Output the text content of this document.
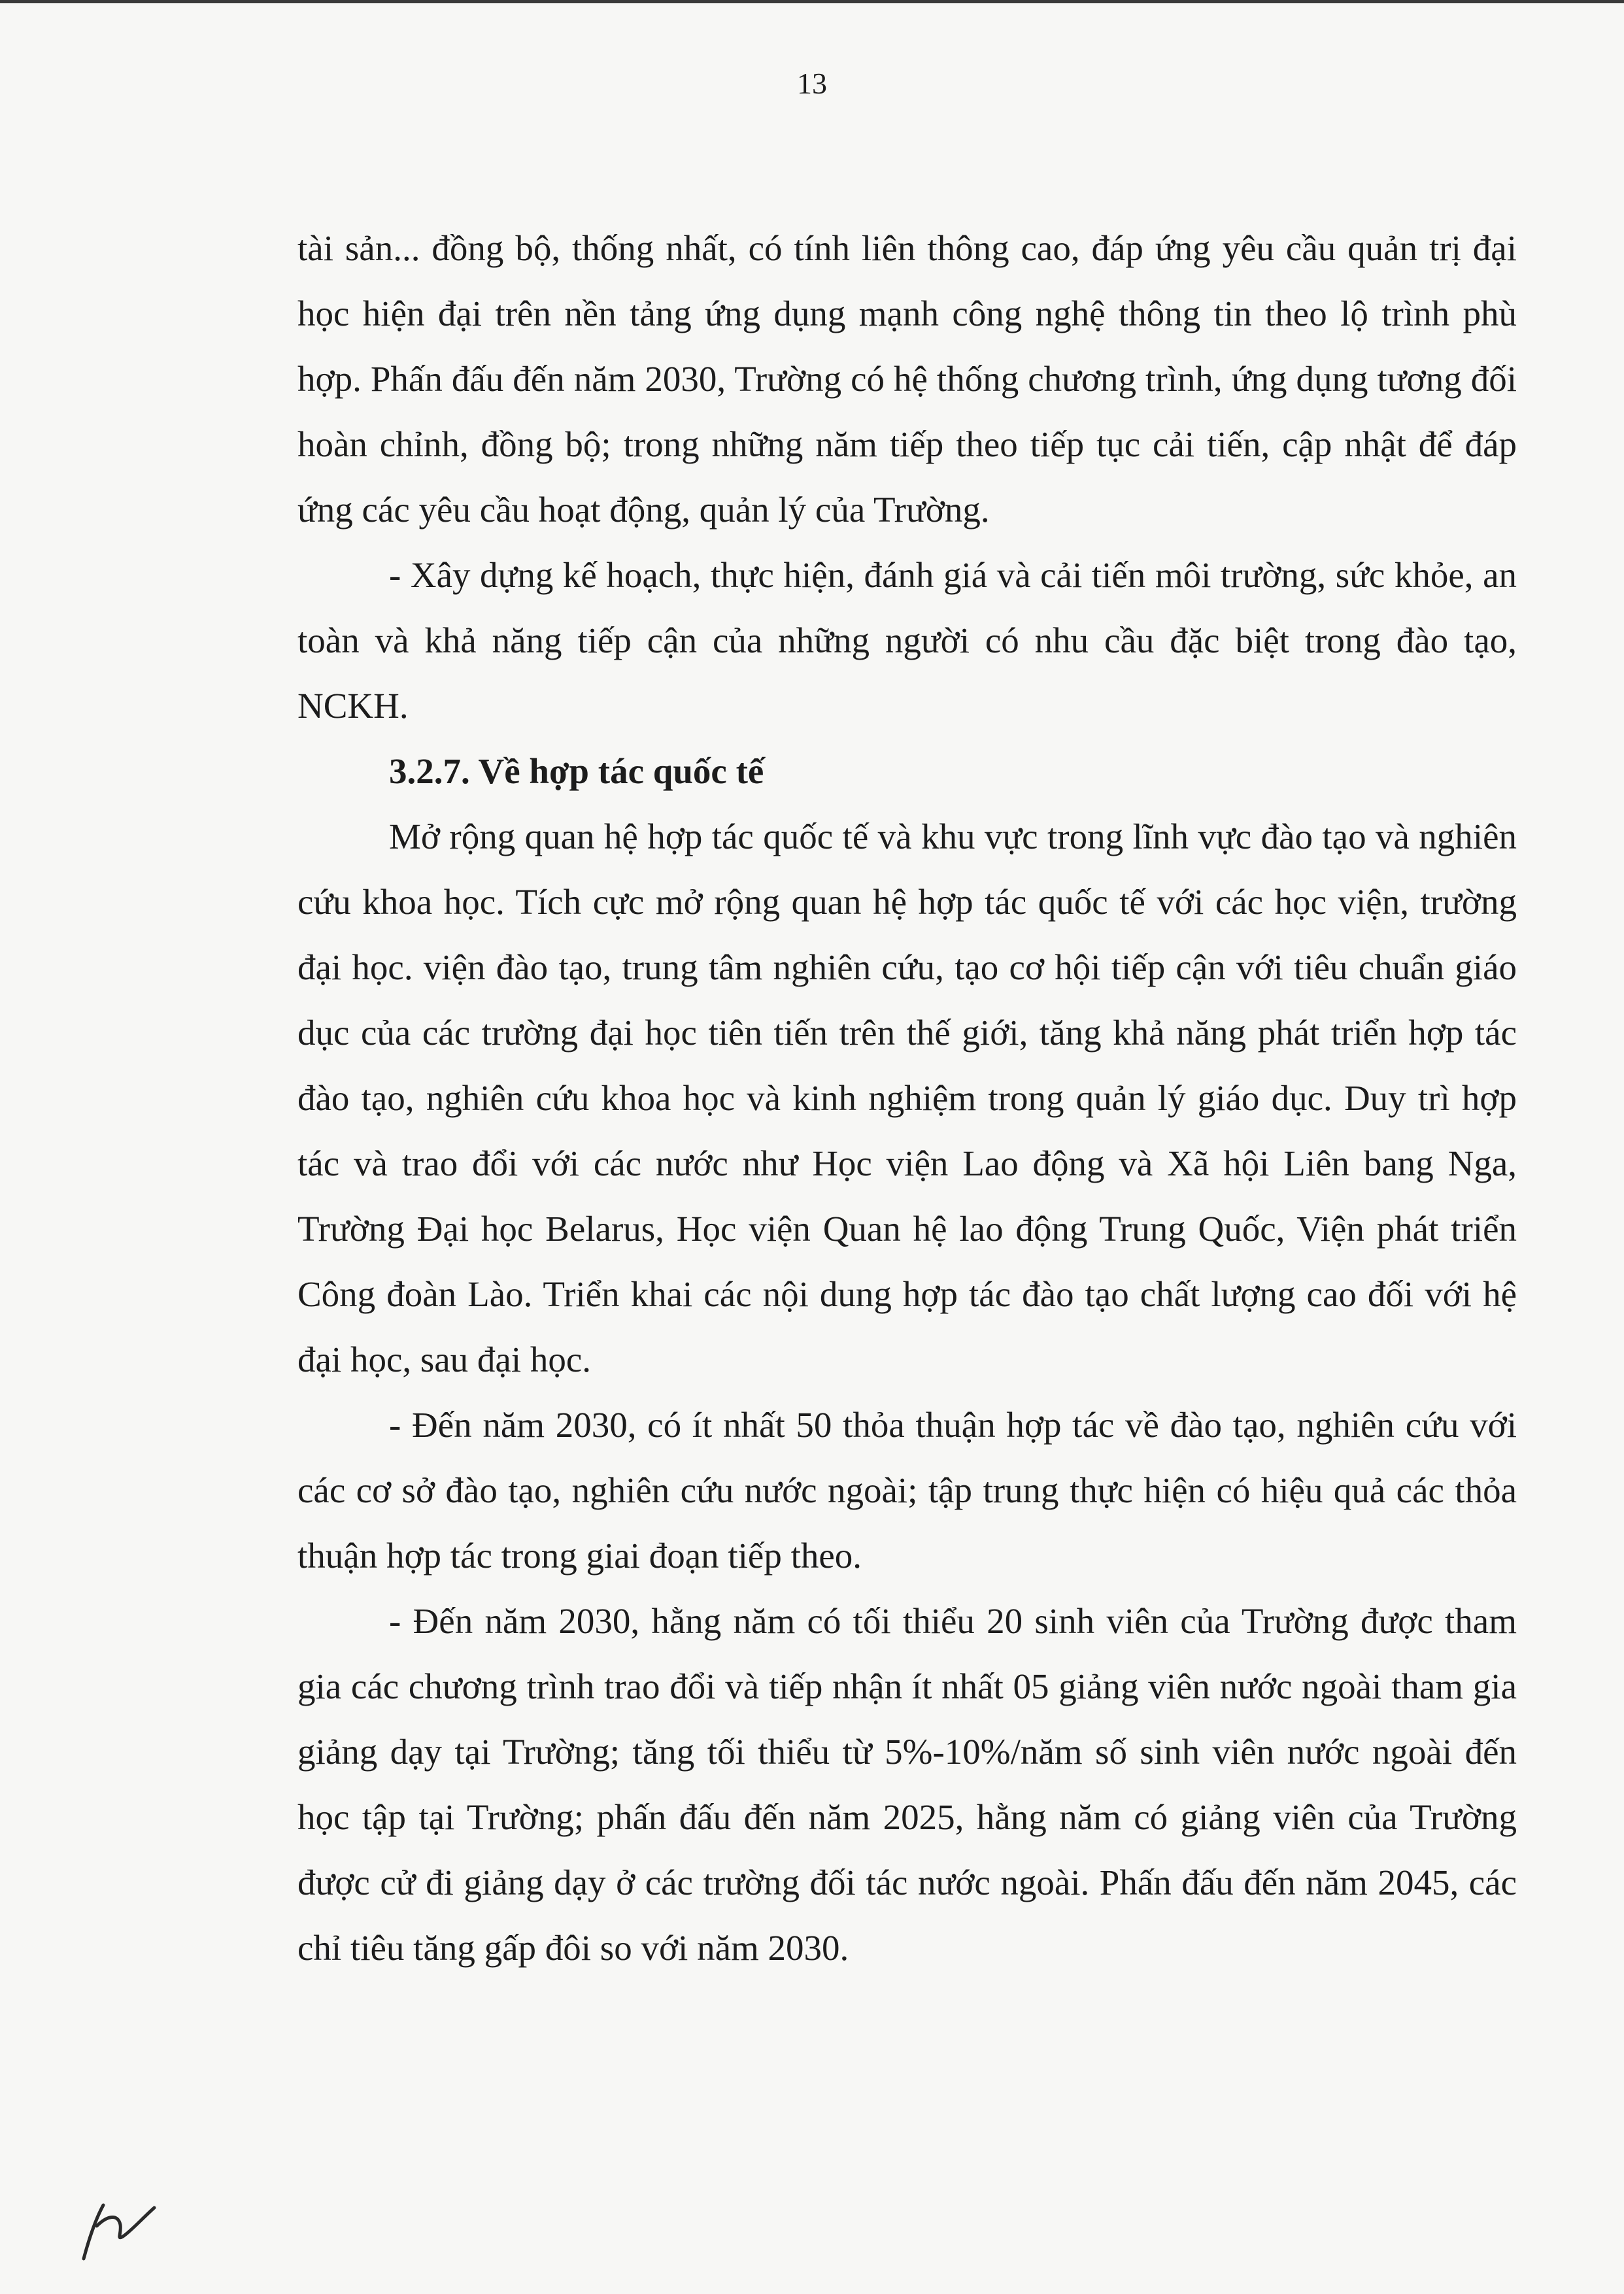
13

tài sản... đồng bộ, thống nhất, có tính liên thông cao, đáp ứng yêu cầu quản trị đại học hiện đại trên nền tảng ứng dụng mạnh công nghệ thông tin theo lộ trình phù hợp. Phấn đấu đến năm 2030, Trường có hệ thống chương trình, ứng dụng tương đối hoàn chỉnh, đồng bộ; trong những năm tiếp theo tiếp tục cải tiến, cập nhật để đáp ứng các yêu cầu hoạt động, quản lý của Trường.

- Xây dựng kế hoạch, thực hiện, đánh giá và cải tiến môi trường, sức khỏe, an toàn và khả năng tiếp cận của những người có nhu cầu đặc biệt trong đào tạo, NCKH.

3.2.7. Về hợp tác quốc tế

Mở rộng quan hệ hợp tác quốc tế và khu vực trong lĩnh vực đào tạo và nghiên cứu khoa học. Tích cực mở rộng quan hệ hợp tác quốc tế với các học viện, trường đại học. viện đào tạo, trung tâm nghiên cứu, tạo cơ hội tiếp cận với tiêu chuẩn giáo dục của các trường đại học tiên tiến trên thế giới, tăng khả năng phát triển hợp tác đào tạo, nghiên cứu khoa học và kinh nghiệm trong quản lý giáo dục. Duy trì hợp tác và trao đổi với các nước như Học viện Lao động và Xã hội Liên bang Nga, Trường Đại học Belarus, Học viện Quan hệ lao động Trung Quốc, Viện phát triển Công đoàn Lào. Triển khai các nội dung hợp tác đào tạo chất lượng cao đối với hệ đại học, sau đại học.

- Đến năm 2030, có ít nhất 50 thỏa thuận hợp tác về đào tạo, nghiên cứu với các cơ sở đào tạo, nghiên cứu nước ngoài; tập trung thực hiện có hiệu quả các thỏa thuận hợp tác trong giai đoạn tiếp theo.

- Đến năm 2030, hằng năm có tối thiểu 20 sinh viên của Trường được tham gia các chương trình trao đổi và tiếp nhận ít nhất 05 giảng viên nước ngoài tham gia giảng dạy tại Trường; tăng tối thiểu từ 5%-10%/năm số sinh viên nước ngoài đến học tập tại Trường; phấn đấu đến năm 2025, hằng năm có giảng viên của Trường được cử đi giảng dạy ở các trường đối tác nước ngoài. Phấn đấu đến năm 2045, các chỉ tiêu tăng gấp đôi so với năm 2030.
